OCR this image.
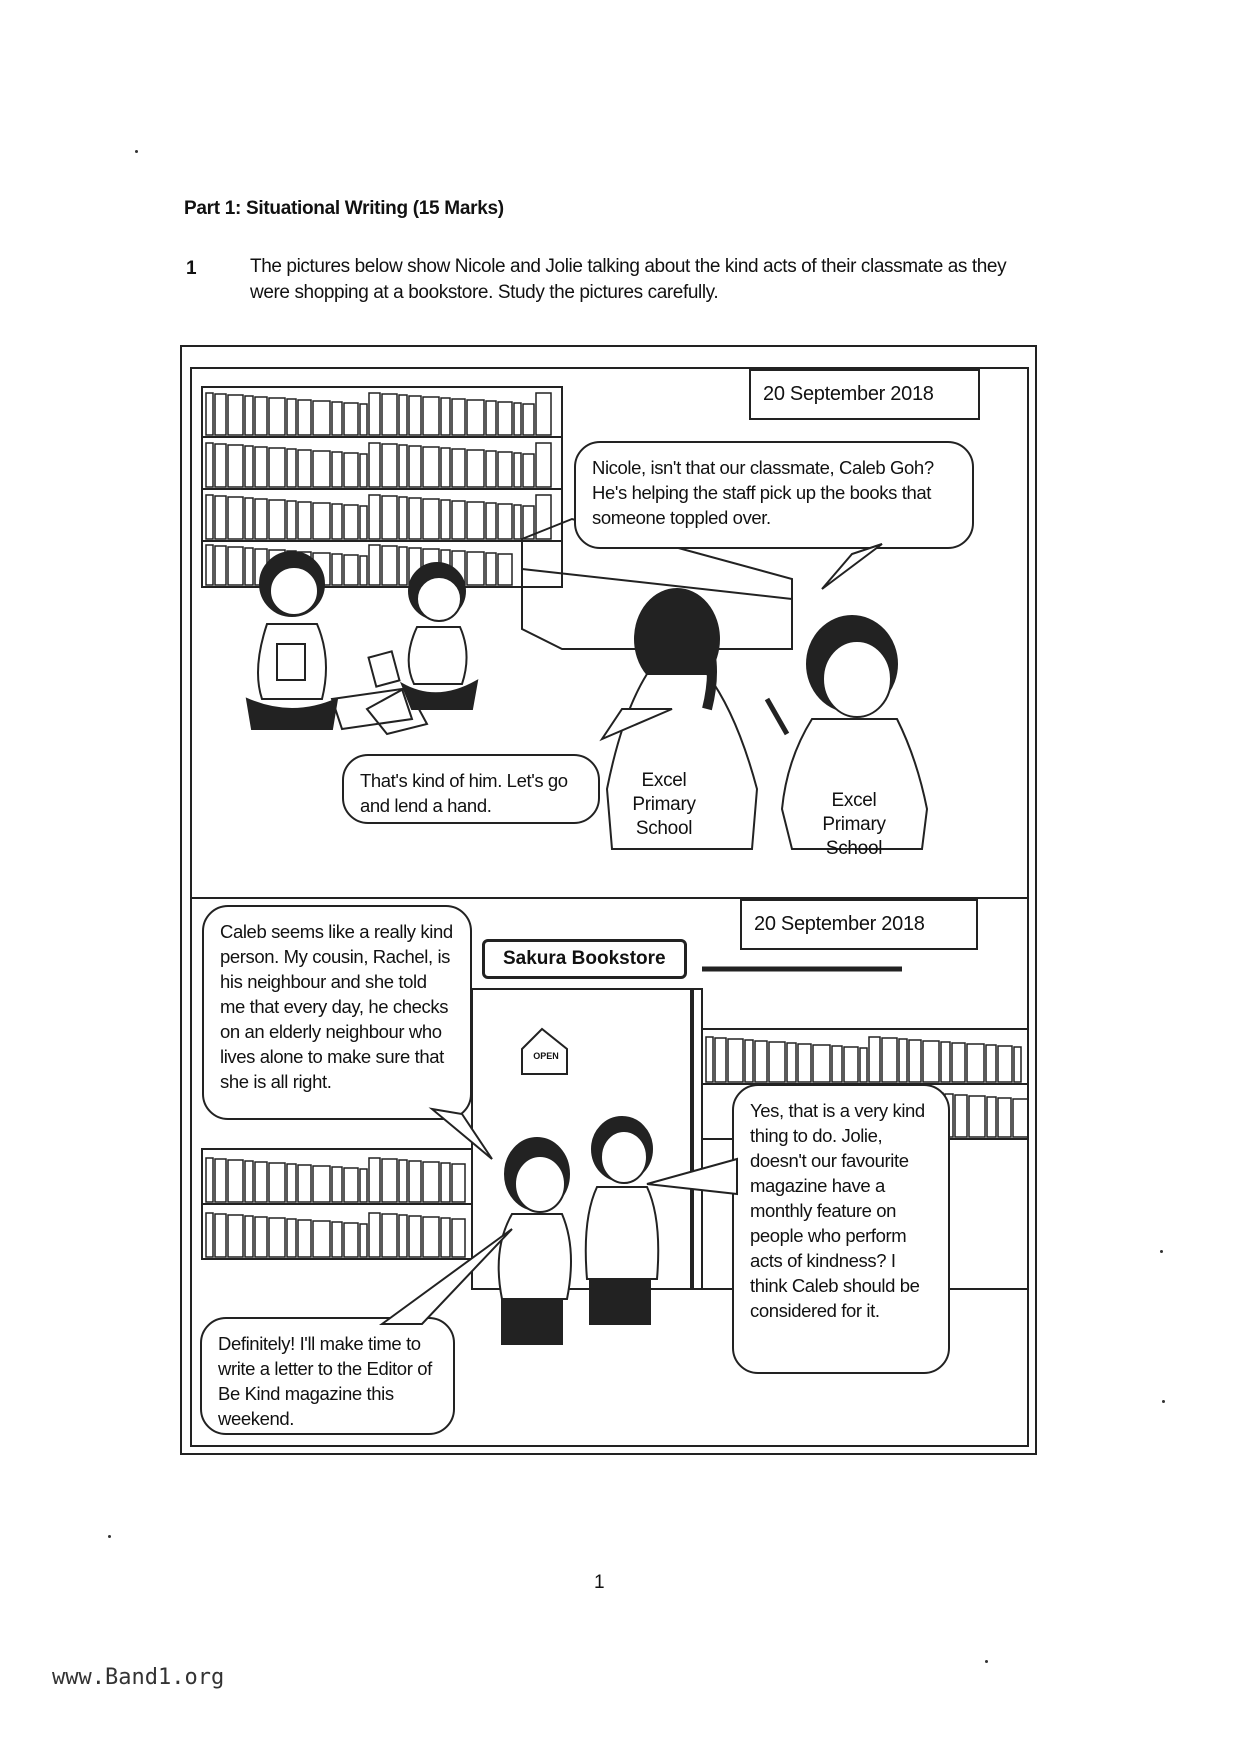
Part 1: Situational Writing (15 Marks)
1	The pictures below show Nicole and Jolie talking about the kind acts of their classmate as they were shopping at a bookstore. Study the pictures carefully.
20 September 2018
Nicole, isn't that our classmate, Caleb Goh? He's helping the staff pick up the books that someone toppled over.
That's kind of him. Let's go and lend a hand.
Excel
Primary
School
Excel
Primary
School
20 September 2018
Sakura Bookstore
OPEN
Caleb seems like a really kind person. My cousin, Rachel, is his neighbour and she told me that every day, he checks on an elderly neighbour who lives alone to make sure that she is all right.
Yes, that is a very kind thing to do. Jolie, doesn't our favourite magazine have a monthly feature on people who perform acts of kindness? I think Caleb should be considered for it.
Definitely! I'll make time to write a letter to the Editor of Be Kind magazine this weekend.
1
www.Band1.org
